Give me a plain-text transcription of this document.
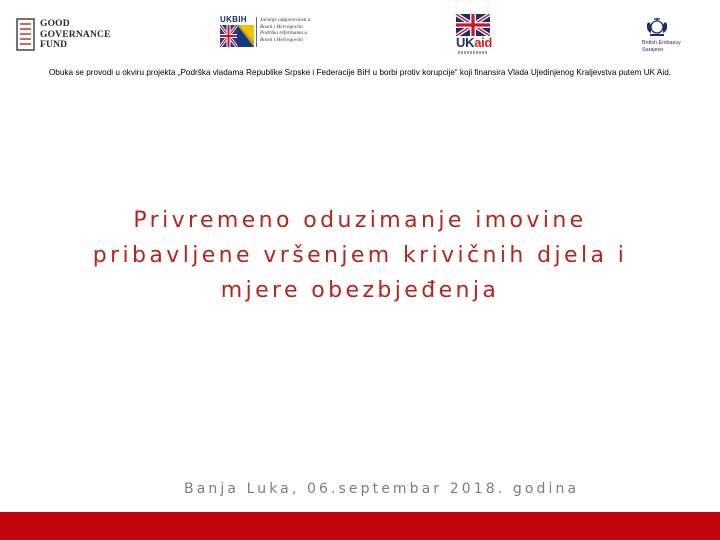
GOOD
GOVERNANCE
FUND
UKBIH Jačanje odgovornosti u
Bosni i Hercegovini
Podrška reformama u
Bosni i Hercegovini	UKaid	British Embassy
Sarajevo
Obuka se provodi u okviru projekta „Podrška vladama Republike Srpske i Federacije BiH u borbi protiv korupcije“ koji finansira Vlada Ujedinjenog Kraljevstva putem UK Aid.
Privremeno oduzimanje imovine
pribavljene vršenjem krivičnih djela i
mjere obezbjeđenja
Banja Luka, 06.septembar 2018. godina
